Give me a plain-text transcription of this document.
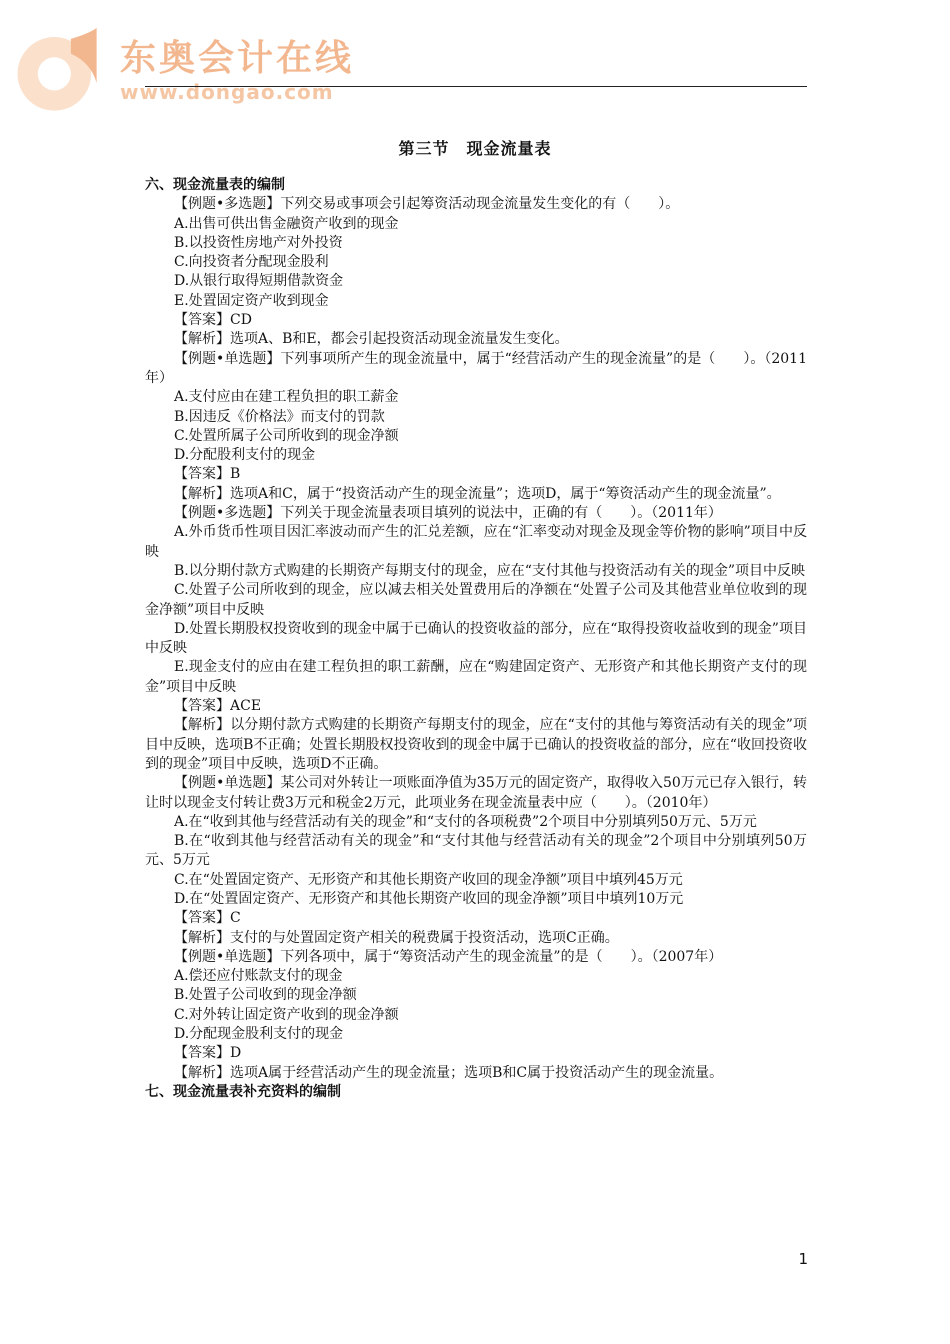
东奥会计在线
www.dongao.com
第三节　现金流量表

六、现金流量表的编制

【例题•多选题】下列交易或事项会引起筹资活动现金流量发生变化的有（　　）。

A.出售可供出售金融资产收到的现金

B.以投资性房地产对外投资

C.向投资者分配现金股利

D.从银行取得短期借款资金

E.处置固定资产收到现金

【答案】CD

【解析】选项A、B和E，都会引起投资活动现金流量发生变化。

【例题•单选题】下列事项所产生的现金流量中，属于“经营活动产生的现金流量”的是（　　）。（2011年）

A.支付应由在建工程负担的职工薪金

B.因违反《价格法》而支付的罚款

C.处置所属子公司所收到的现金净额

D.分配股利支付的现金

【答案】B

【解析】选项A和C，属于“投资活动产生的现金流量”；选项D，属于“筹资活动产生的现金流量”。

【例题•多选题】下列关于现金流量表项目填列的说法中，正确的有（　　）。（2011年）

A.外币货币性项目因汇率波动而产生的汇兑差额，应在“汇率变动对现金及现金等价物的影响”项目中反映

B.以分期付款方式购建的长期资产每期支付的现金，应在“支付其他与投资活动有关的现金”项目中反映

C.处置子公司所收到的现金，应以减去相关处置费用后的净额在“处置子公司及其他营业单位收到的现金净额”项目中反映

D.处置长期股权投资收到的现金中属于已确认的投资收益的部分，应在“取得投资收益收到的现金”项目中反映

E.现金支付的应由在建工程负担的职工薪酬，应在“购建固定资产、无形资产和其他长期资产支付的现金”项目中反映

【答案】ACE

【解析】以分期付款方式购建的长期资产每期支付的现金，应在“支付的其他与筹资活动有关的现金”项目中反映，选项B不正确；处置长期股权投资收到的现金中属于已确认的投资收益的部分，应在“收回投资收到的现金”项目中反映，选项D不正确。

【例题•单选题】某公司对外转让一项账面净值为35万元的固定资产，取得收入50万元已存入银行，转让时以现金支付转让费3万元和税金2万元，此项业务在现金流量表中应（　　）。（2010年）

A.在“收到其他与经营活动有关的现金”和“支付的各项税费”2个项目中分别填列50万元、5万元

B.在“收到其他与经营活动有关的现金”和“支付其他与经营活动有关的现金”2个项目中分别填列50万元、5万元

C.在“处置固定资产、无形资产和其他长期资产收回的现金净额”项目中填列45万元

D.在“处置固定资产、无形资产和其他长期资产收回的现金净额”项目中填列10万元

【答案】C

【解析】支付的与处置固定资产相关的税费属于投资活动，选项C正确。

【例题•单选题】下列各项中，属于“筹资活动产生的现金流量”的是（　　）。（2007年）

A.偿还应付账款支付的现金

B.处置子公司收到的现金净额

C.对外转让固定资产收到的现金净额

D.分配现金股利支付的现金

【答案】D

【解析】选项A属于经营活动产生的现金流量；选项B和C属于投资活动产生的现金流量。

七、现金流量表补充资料的编制

1
